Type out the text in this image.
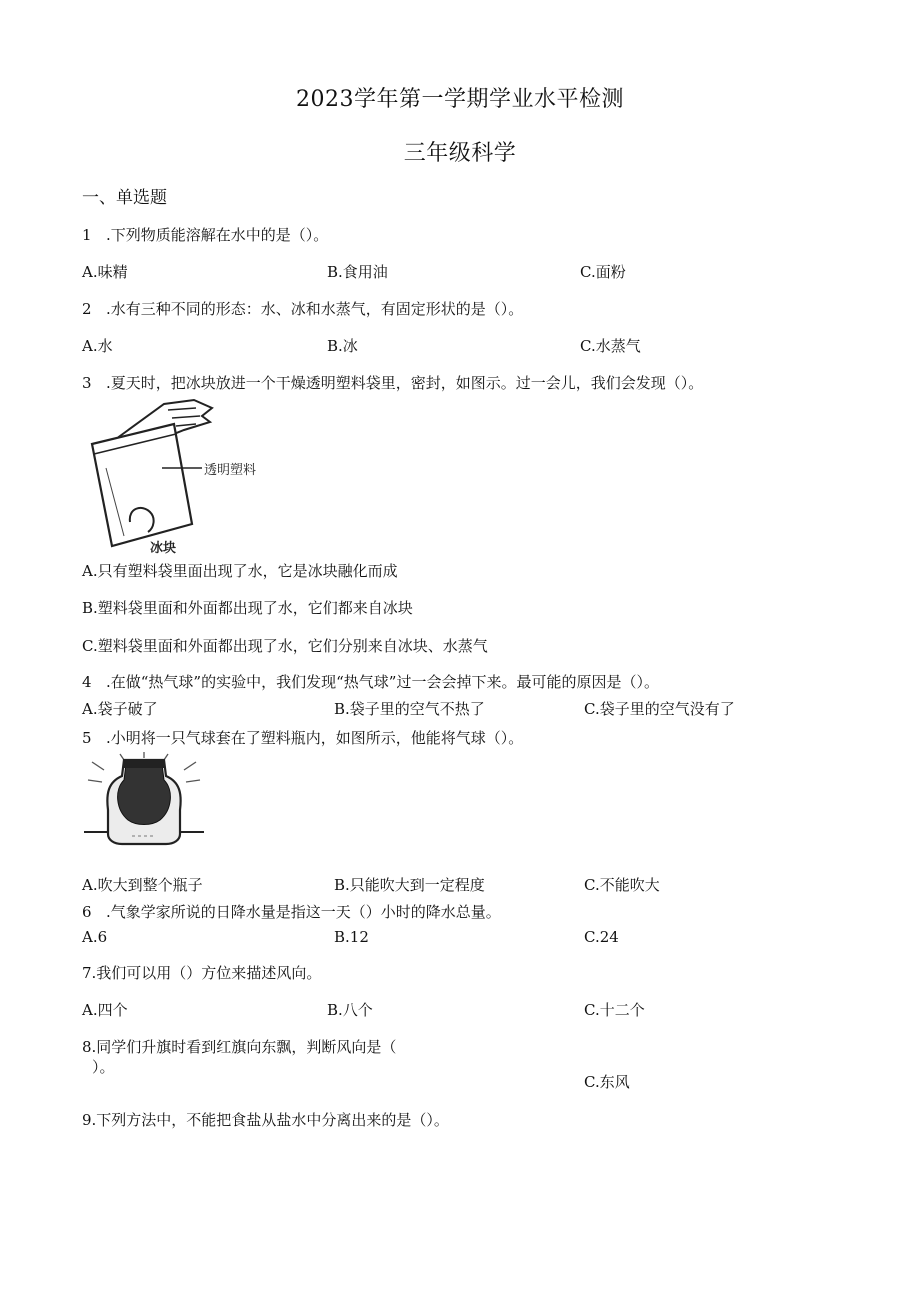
2023学年第一学期学业水平检测
三年级科学
一、单选题
1 .下列物质能溶解在水中的是（）。
A.味精	B.食用油	C.面粉
2 .水有三种不同的形态：水、冰和水蒸气，有固定形状的是（）。
A.水	B.冰	C.水蒸气
3 .夏天时，把冰块放进一个干燥透明塑料袋里，密封，如图示。过一会儿，我们会发现（）。
透明塑料
冰块
A.只有塑料袋里面出现了水，它是冰块融化而成
B.塑料袋里面和外面都出现了水，它们都来自冰块
C.塑料袋里面和外面都出现了水，它们分别来自冰块、水蒸气
4 .在做“热气球”的实验中，我们发现“热气球”过一会会掉下来。最可能的原因是（）。
A.袋子破了	B.袋子里的空气不热了	C.袋子里的空气没有了
5 .小明将一只气球套在了塑料瓶内，如图所示，他能将气球（）。
A.吹大到整个瓶子	B.只能吹大到一定程度	C.不能吹大
6 .气象学家所说的日降水量是指这一天（）小时的降水总量。
A.6	B.12	C.24
7.我们可以用（）方位来描述风向。
A.四个	B.八个	C.十二个
8.同学们升旗时看到红旗向东飘，判断风向是（
）。
C.东风
9.下列方法中，不能把食盐从盐水中分离出来的是（）。
